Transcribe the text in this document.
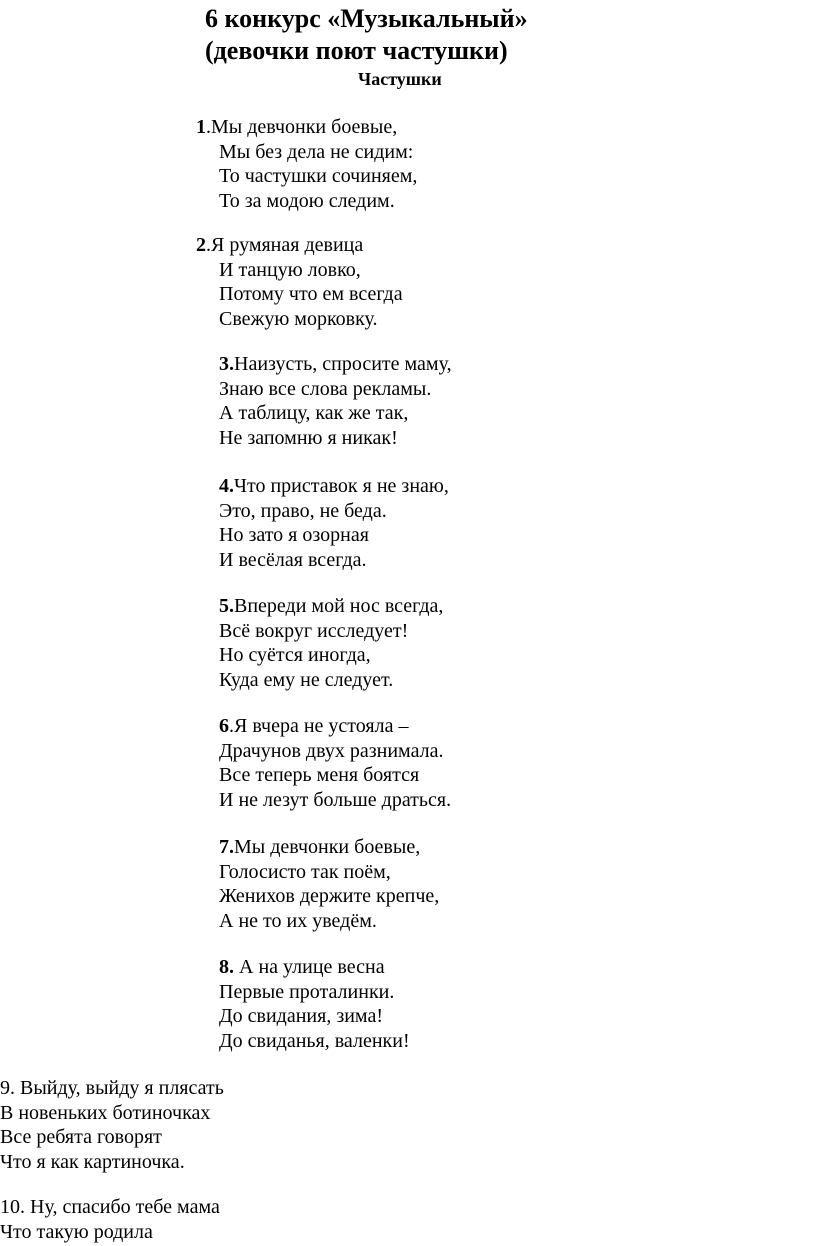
6 конкурс «Музыкальный»
(девочки поют частушки)
Частушки
1.Мы девчонки боевые,
Мы без дела не сидим:
То частушки сочиняем,
То за модою следим.
2.Я румяная девица
И танцую ловко,
Потому что ем всегда
Свежую морковку.
3.Наизусть, спросите маму,
Знаю все слова рекламы.
А таблицу, как же так,
Не запомню я никак!
4.Что приставок я не знаю,
Это, право, не беда.
Но зато я озорная
И весёлая всегда.
5.Впереди мой нос всегда,
Всё вокруг исследует!
Но суётся иногда,
Куда ему не следует.
6.Я вчера не устояла –
Драчунов двух разнимала.
Все теперь меня боятся
И не лезут больше драться.
7.Мы девчонки боевые,
Голосисто так поём,
Женихов держите крепче,
А не то их уведём.
8. А на улице весна
Первые проталинки.
До свидания, зима!
До свиданья, валенки!
9. Выйду, выйду я плясать
В новеньких ботиночках
Все ребята говорят
Что я как картиночка.
10. Ну, спасибо тебе мама
Что такую родила
